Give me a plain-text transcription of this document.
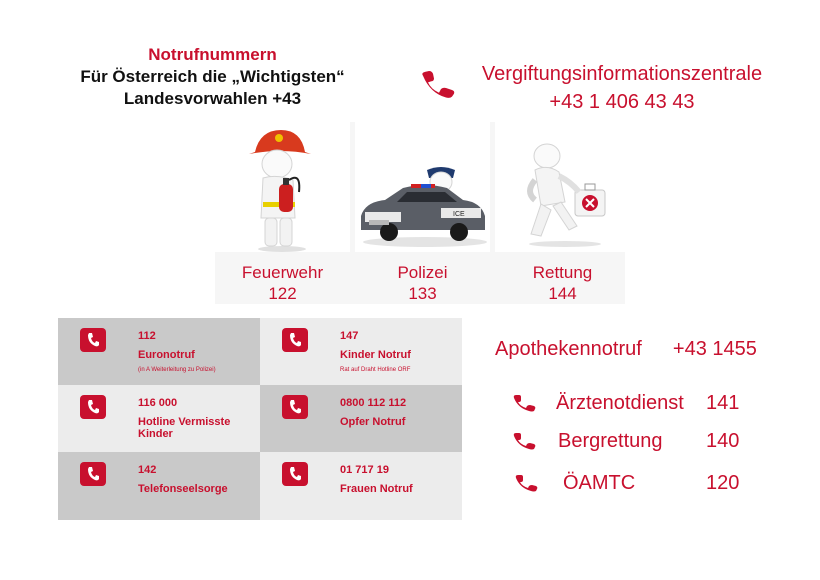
Notrufnummern
Für Österreich die „Wichtigsten“
Landesvorwahlen +43
Vergiftungsinformationszentrale
+43 1 406 43 43
Feuerwehr
122
ICE
Polizei
133
Rettung
144
112
Euronotruf
(in A Weiterleitung zu Polizei)
147
Kinder Notruf
Rat auf Draht Hotline ORF
116 000
Hotline Vermisste Kinder
0800 112 112
Opfer Notruf
142
Telefonseelsorge
01 717 19
Frauen Notruf
Apothekennotruf +43 1455
Ärztenotdienst 141
Bergrettung 140
ÖAMTC	120
